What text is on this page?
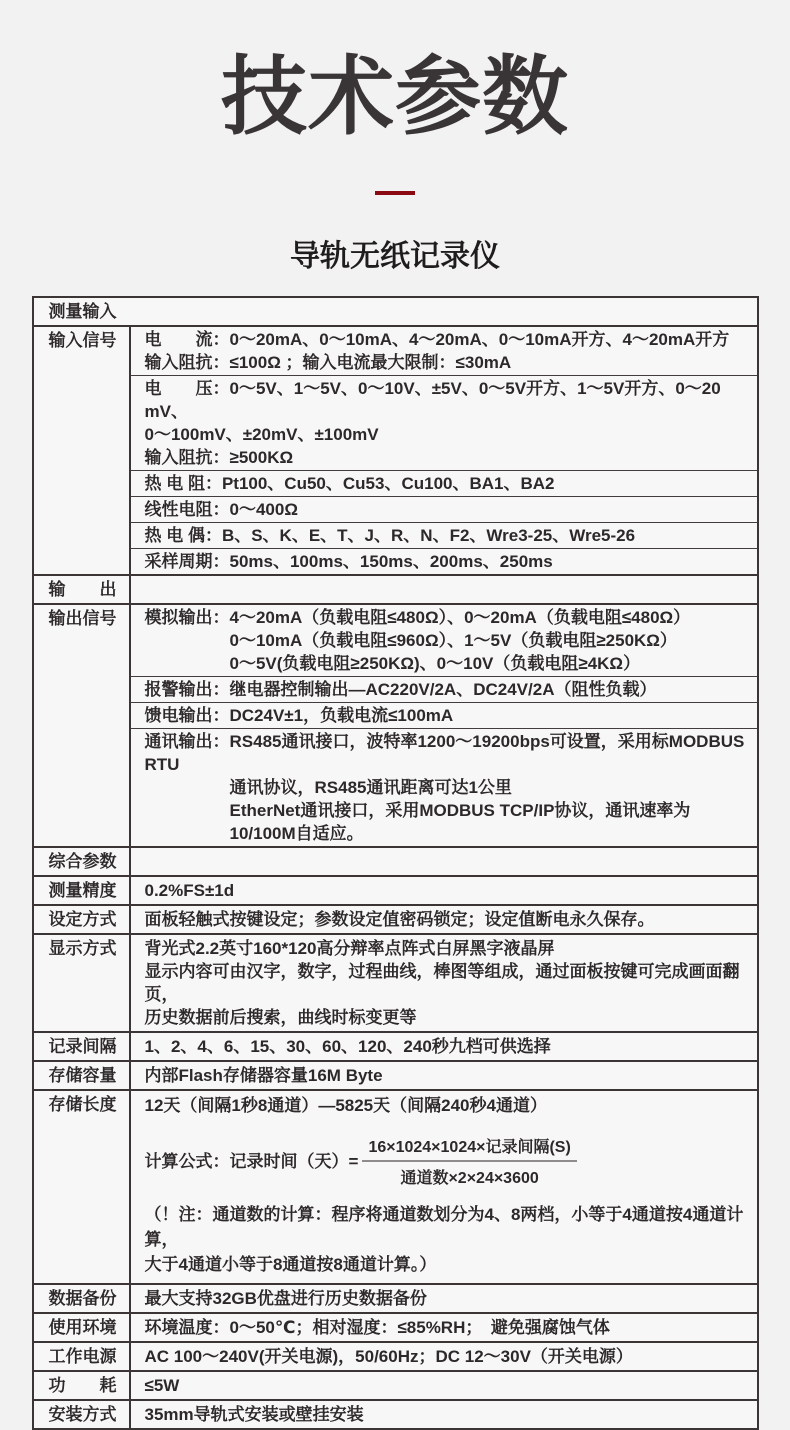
技术参数
导轨无纸记录仪
测量输入
输入信号	电　　流：0～20mA、0～10mA、4～20mA、0～10mA开方、4～20mA开方
输入阻抗：≤100Ω ；输入电流最大限制：≤30mA
电　　压：0～5V、1～5V、0～10V、±5V、0～5V开方、1～5V开方、0～20 mV、
0～100mV、±20mV、±100mV
输入阻抗：≥500KΩ
热 电 阻：Pt100、Cu50、Cu53、Cu100、BA1、BA2
线性电阻：0～400Ω
热 电 偶：B、S、K、E、T、J、R、N、F2、Wre3-25、Wre5-26
采样周期：50ms、100ms、150ms、200ms、250ms
输　　出
输出信号	模拟输出：4～20mA（负载电阻≤480Ω）、0～20mA（负载电阻≤480Ω）
0～10mA（负载电阻≤960Ω）、1～5V（负载电阻≥250KΩ）
0～5V(负载电阻≥250KΩ)、0～10V（负载电阻≥4KΩ）
报警输出：继电器控制输出—AC220V/2A、DC24V/2A（阻性负载）
馈电输出：DC24V±1，负载电流≤100mA
通讯输出：RS485通讯接口，波特率1200～19200bps可设置，采用标MODBUS RTU
通讯协议，RS485通讯距离可达1公里
EtherNet通讯接口，采用MODBUS TCP/IP协议，通讯速率为10/100M自适应。
综合参数
测量精度	0.2%FS±1d
设定方式	面板轻触式按键设定；参数设定值密码锁定；设定值断电永久保存。
显示方式	背光式2.2英寸160*120高分辩率点阵式白屏黑字液晶屏
显示内容可由汉字，数字，过程曲线，棒图等组成，通过面板按键可完成画面翻页，
历史数据前后搜索，曲线时标变更等
记录间隔	1、2、4、6、15、30、60、120、240秒九档可供选择
存储容量	内部Flash存储器容量16M Byte
存储长度	12天（间隔1秒8通道）—5825天（间隔240秒4通道）
计算公式：记录时间（天）= $\frac{\text{16×1024×1024×记录间隔(S)}}{\text{通道数×2×24×3600}}$
（！注：通道数的计算：程序将通道数划分为4、8两档，小等于4通道按4通道计算，
大于4通道小等于8通道按8通道计算。）
数据备份	最大支持32GB优盘进行历史数据备份
使用环境	环境温度：0～50℃；相对湿度：≤85%RH；　避免强腐蚀气体
工作电源	AC 100～240V(开关电源)，50/60Hz；DC 12～30V（开关电源）
功　　耗	≤5W
安装方式	35mm导轨式安装或壁挂安装
